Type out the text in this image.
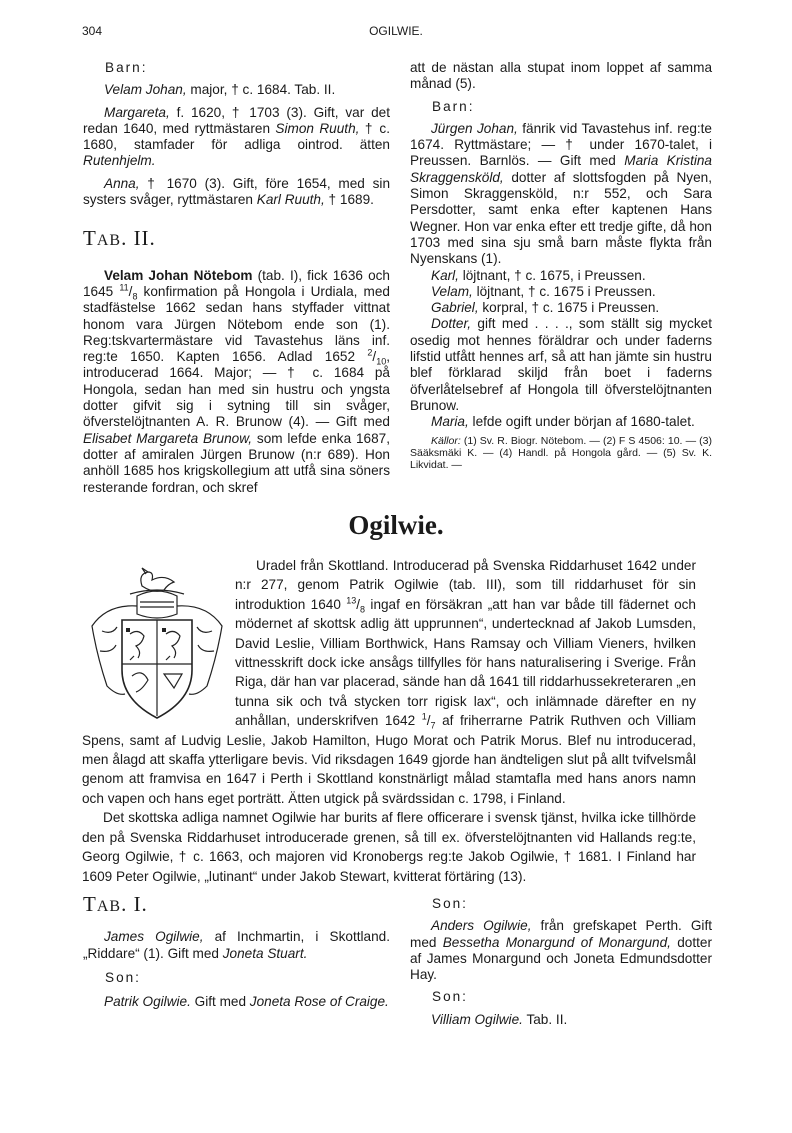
304	OGILWIE.

Barn:

Velam Johan, major, † c. 1684. Tab. II.

Margareta, f. 1620, † 1703 (3). Gift, var det redan 1640, med ryttmästaren Simon Ruuth, † c. 1680, stamfader för adliga ointrod. ätten Rutenhjelm.

Anna, † 1670 (3). Gift, före 1654, med sin systers svåger, ryttmästaren Karl Ruuth, † 1689.

TAB. II.

Velam Johan Nötebom (tab. I), fick 1636 och 1645 $^{11}/_8$ konfirmation på Hongola i Urdiala, med stadfästelse 1662 sedan hans styffader vittnat honom vara Jürgen Nötebom ende son (1). Reg:tskvartermästare vid Tavastehus läns inf. reg:te 1650. Kapten 1656. Adlad 1652 $^2/_{10}$, introducerad 1664. Major; — † c. 1684 på Hongola, sedan han med sin hustru och yngsta dotter gifvit sig i sytning till sin svåger, öfverstelöjtnanten A. R. Brunow (4). — Gift med Elisabet Margareta Brunow, som lefde enka 1687, dotter af amiralen Jürgen Brunow (n:r 689). Hon anhöll 1685 hos krigskollegium att utfå sina söners resterande fordran, och skref

att de nästan alla stupat inom loppet af samma månad (5).

Barn:

Jürgen Johan, fänrik vid Tavastehus inf. reg:te 1674. Ryttmästare; — † under 1670-talet, i Preussen. Barnlös. — Gift med Maria Kristina Skraggensköld, dotter af slottsfogden på Nyen, Simon Skraggensköld, n:r 552, och Sara Persdotter, samt enka efter kaptenen Hans Wegner. Hon var enka efter ett tredje gifte, då hon 1703 med sina sju små barn måste flykta från Nyenskans (1).

Karl, löjtnant, † c. 1675, i Preussen.

Velam, löjtnant, † c. 1675 i Preussen.

Gabriel, korpral, † c. 1675 i Preussen.

Dotter, gift med . . . ., som ställt sig mycket osedig mot hennes föräldrar och under faderns lifstid utfått hennes arf, så att han jämte sin hustru blef förklarad skiljd från boet i faderns öfverlåtelsebref af Hongola till öfverstelöjtnanten Brunow.

Maria, lefde ogift under början af 1680-talet.

Källor: (1) Sv. R. Biogr. Nötebom. — (2) F S 4506: 10. — (3) Sääksmäki K. — (4) Handl. på Hongola gård. — (5) Sv. K. Likvidat. —

Ogilwie.

Uradel från Skottland. Introducerad på Svenska Riddarhuset 1642 under n:r 277, genom Patrik Ogilwie (tab. III), som till riddarhuset för sin introduktion 1640 $^{13}/_8$ ingaf en försäkran „att han var både till fädernet och mödernet af skottsk adlig ätt upprunnen“, undertecknad af Jakob Lumsden, David Leslie, Villiam Borthwick, Hans Ramsay och Villiam Vieners, hvilken vittnesskrift dock icke ansågs tillfylles för hans naturalisering i Sverige. Från Riga, där han var placerad, sände han då 1641 till riddarhussekreteraren „en tunna sik och två stycken torr rigisk lax“, och inlämnade därefter en ny anhållan, underskrifven 1642 $^1/_7$ af friherrarne Patrik Ruthven och Villiam Spens, samt af Ludvig Leslie, Jakob Hamilton, Hugo Morat och Patrik Morus. Blef nu introducerad, men ålagd att skaffa ytterligare bevis. Vid riksdagen 1649 gjorde han ändteligen slut på allt tvifvelsmål genom att framvisa en 1647 i Perth i Skottland konstnärligt målad stamtafla med hans anors namn och vapen och hans eget porträtt. Ätten utgick på svärdssidan c. 1798, i Finland.

Det skottska adliga namnet Ogilwie har burits af flere officerare i svensk tjänst, hvilka icke tillhörde den på Svenska Riddarhuset introducerade grenen, så till ex. öfverstelöjtnanten vid Hallands reg:te, Georg Ogilwie, † c. 1663, och majoren vid Kronobergs reg:te Jakob Ogilwie, † 1681. I Finland har 1609 Peter Ogilwie, „lutinant“ under Jakob Stewart, kvitterat förtäring (13).

TAB. I.

James Ogilwie, af Inchmartin, i Skottland. „Riddare“ (1). Gift med Joneta Stuart.

Son:

Patrik Ogilwie. Gift med Joneta Rose of Craige.

Son:

Anders Ogilwie, från grefskapet Perth. Gift med Bessetha Monargund of Monargund, dotter af James Monargund och Joneta Edmundsdotter Hay.

Son:

Villiam Ogilwie. Tab. II.
